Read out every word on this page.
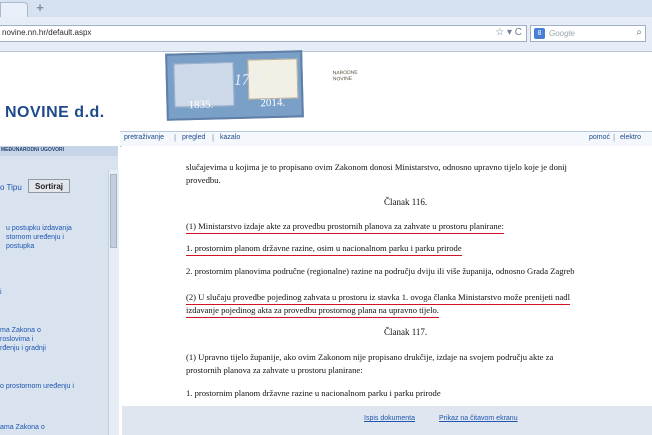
+
novine.nn.hr/default.aspx	☆ ▾ C	8 Google	⌕
NOVINE d.d.
NARODNE NOVINE
179
1835.	2014.
pretraživanje | pregled | kazalo	pomoć | elektro
MEĐUNARODNI UGOVORI
o Tipu	Sortiraj
u postupku izdavanja
stornom uređenju i
postupka
i
ma Zakona o
roslovima i
rđenju i gradnji
o prostornom uređenju i
ama Zakona o
slučajevima u kojima je to propisano ovim Zakonom donosi Ministarstvo, odnosno upravno tijelo koje je donij
provedbu.
Članak 116.
(1) Ministarstvo izdaje akte za provedbu prostornih planova za zahvate u prostoru planirane:
1. prostornim planom državne razine, osim u nacionalnom parku i parku prirode
2. prostornim planovima područne (regionalne) razine na području dviju ili više županija, odnosno Grada Zagreb
(2) U slučaju provedbe pojedinog zahvata u prostoru iz stavka 1. ovoga članka Ministarstvo može prenijeti nadl
izdavanje pojedinog akta za provedbu prostornog plana na upravno tijelo.
Članak 117.
(1) Upravno tijelo županije, ako ovim Zakonom nije propisano drukčije, izdaje na svojem području akte za
prostornih planova za zahvate u prostoru planirane:
1. prostornim planom državne razine u nacionalnom parku i parku prirode
Ispis dokumenta	Prikaz na čitavom ekranu
